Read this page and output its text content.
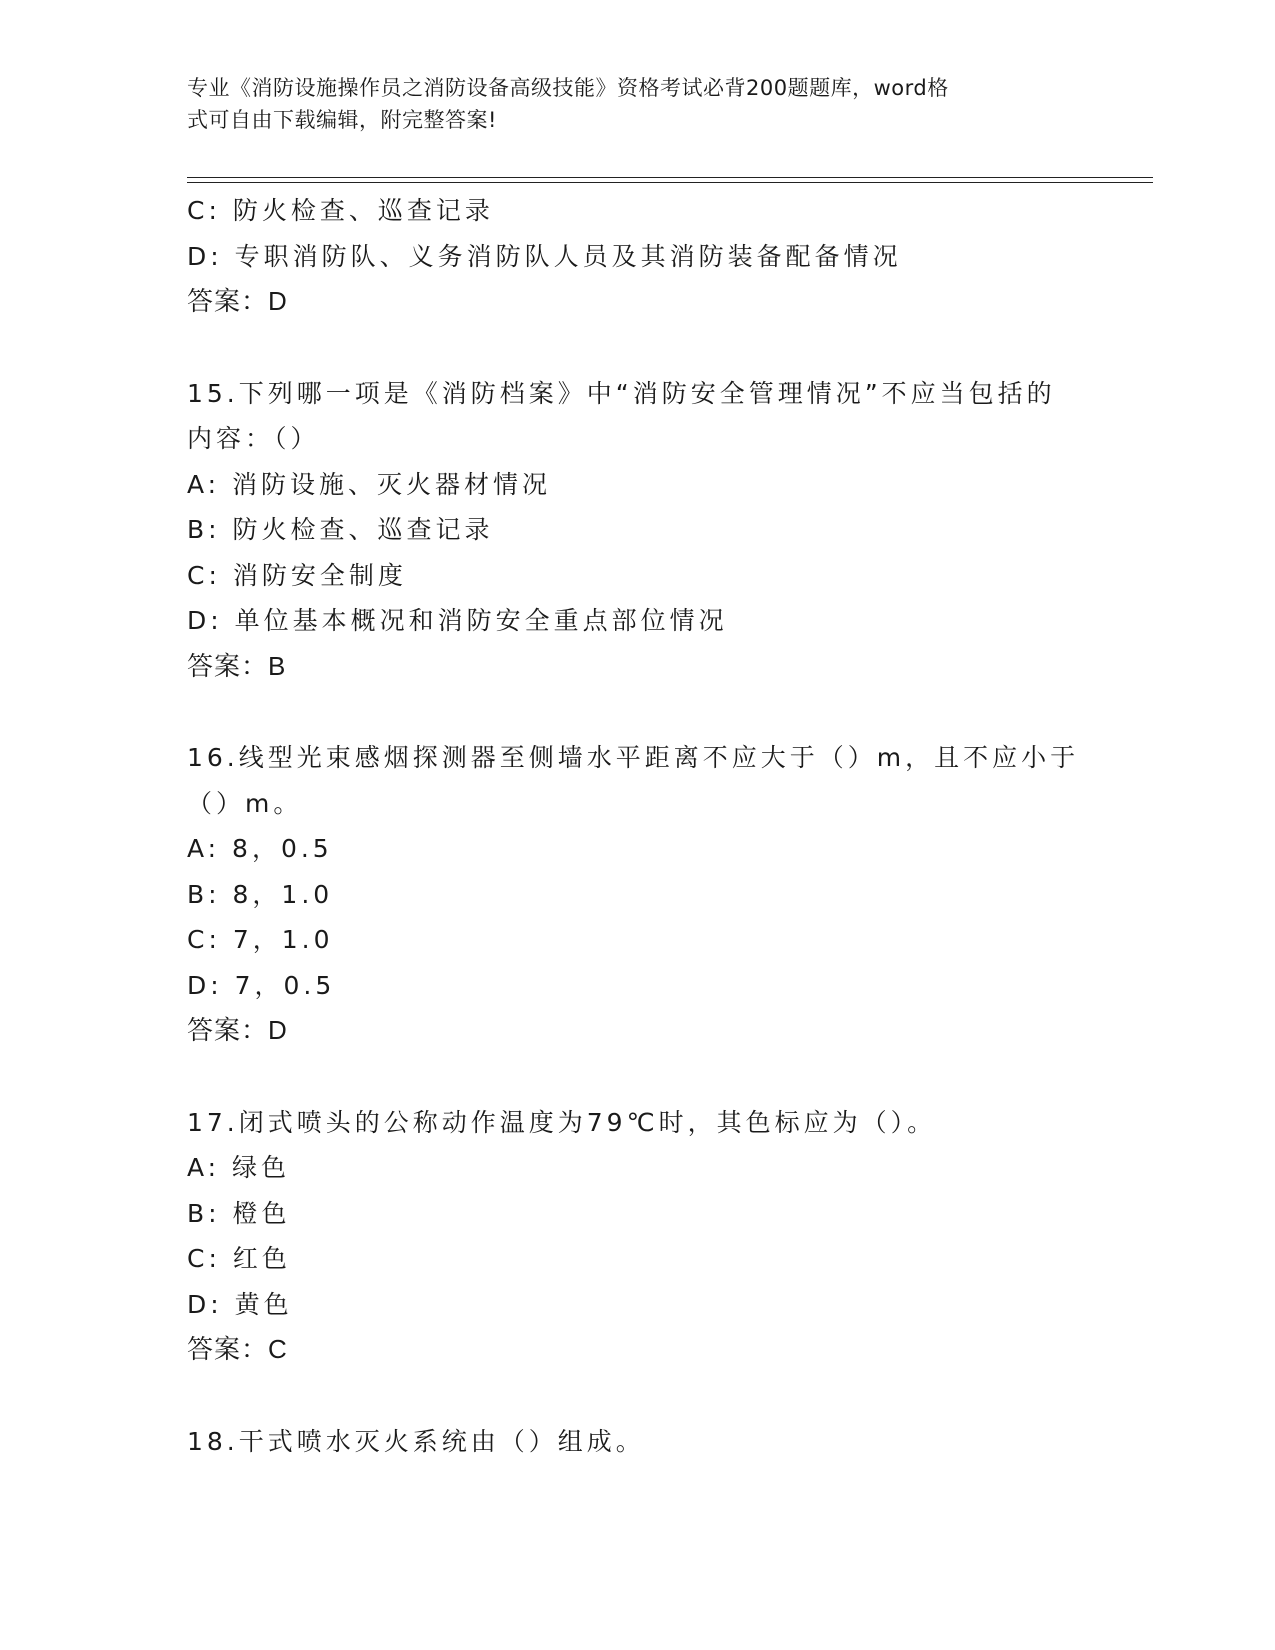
专业《消防设施操作员之消防设备高级技能》资格考试必背200题题库，word格
式可自由下载编辑，附完整答案!
C: 防火检查、巡查记录
D: 专职消防队、义务消防队人员及其消防装备配备情况
答案：D
15.下列哪一项是《消防档案》中“消防安全管理情况”不应当包括的
内容：（）
A: 消防设施、灭火器材情况
B: 防火检查、巡查记录
C: 消防安全制度
D: 单位基本概况和消防安全重点部位情况
答案：B
16.线型光束感烟探测器至侧墙水平距离不应大于（）m，且不应小于
（）m。
A: 8，0.5
B: 8，1.0
C: 7，1.0
D: 7，0.5
答案：D
17.闭式喷头的公称动作温度为79℃时，其色标应为（）。
A: 绿色
B: 橙色
C: 红色
D: 黄色
答案：C
18.干式喷水灭火系统由（）组成。
